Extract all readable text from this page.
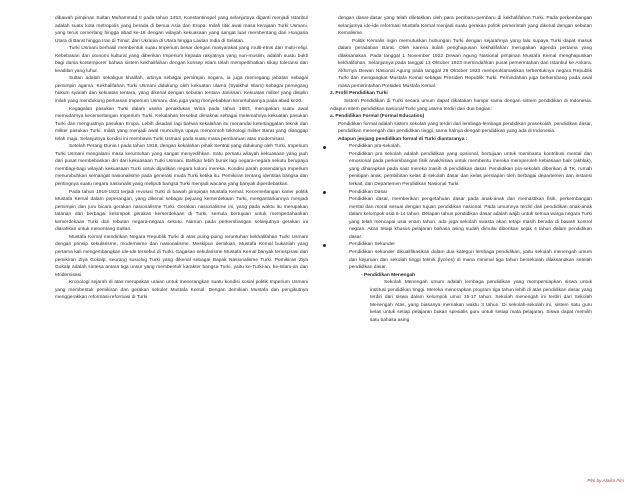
dibawah pimpinan Sultan Muhammad II pada tahun 1453. Konstantinopel yang selanjutnya diganti menjadi Istanbul adalah suatu kota metropolis yang berada di benua Asia dan Eropa. Inilah titik awal masa kerajaan Turki Usmani, yang terus cemerlang hingga abad ke-18 dengan wilayah kekuasaan yang sangat luas membentang dari Hongaria Utara di Barat hingga Iran di Timur; dari Ukrania di Utara hingga Lautan India di Selatan.

Turki Usmani berhasil membentuk suatu Imperium besar dengan masyarakat yang multi-etnis dan multi-religi. Kebebasan dan otonomi kultural yang diberikan Imperium kepada rakyatnya yang non-muslim, adalah suatu bukti bagi dunia kontemporer bahwa sistem kekhalifahan dengan konsep Islam telah memperlihatkan sikap toleransi dan keadilan yang luhur.

Sultan adalah sekaligus khalifah, artinya sebagai pemimpin negara, ia juga memegang jabatan sebagai pemimpin agama. Kekhalifahan Turki Usmani didukung oleh kekuatan ulama (Syaikhul Islam) sebagai pemegang hukum syariah dan kekuatan tentara, yang dikenal dengan sebutan tentara Janissari. Kekuatan militer yang disiplin inilah yang mendukung perluasan Imperium Usmani, dan juga yang menyebabkan keruntuhannya pada abad ke20.

Kegagalan pasukan Turki dalam usaha penaklukan Wina pada tahun 1683, merupakan suatu awal memudarnya kecemerlangan Imperium Turki. Kekalahan tersebut dimaknai sebagai melemahnya kekuatan pasukan Turki dan menguatnya pasukan Eropa. Lebih disadari lagi bahwa kekalahan itu menandai ketertinggalan teknik dan militer pasukan Turki. Inilah yang menjadi awal munculnya upaya mencontoh teknologi militer Barat yang dianggap telah maju. Selanjutnya kondisi ini membawa Turki Usmani pada suatu masa pembaruan atau modernisasi.

Setelah Perang Dunia I pada tahun 1918, dengan kekalahan pihak Sentral yang didukung oleh Turki, Imperium Turki Usmani mengalami masa keruntuhan yang sangat menyedihkan. Satu persatu wilayah kekuasaan yang jauh dari pusat membebaskan diri dari kekuasaan Turki Usmani. Bahkan lebih buruk lagi negara-negara sekutu berupaya membagi-bagi wilayah kekuasaan Turki untuk dijadikan negara koloni mereka. Kondisi parah posendanya Imperium menumbuhkan semangat nasionalisme pada generasi muda Turki ketika itu. Pemikiran tentang identitas bangsa dan pentingnya suatu negara nasionalis yang meliputi bangsa Turki menjadi wacana yang banyak diperdebatkan.

Pada tahun 1919-1923 terjadi revolusi Turki di bawah pimpinan Mustafa Kemal. Kecemerlangan karier politik Mustafa Kemal dalam peperangan, yang dikenal sebagai pejuang kemerdekaan Turki, mengantarkannya menjadi pemimpin dan juru bicara gerakan nasionalisme Turki. Gerakan nasionalisme ini, yang pada waktu itu merupakan tatanan dari berbagai kelompok gerakan kemerdekaan di Turki, semula bertujuan untuk mempertahankan kemerdekaan Turki dari rebutan negara-negara sekutu. Namun pada perkembangan selanjutnya gerakan ini diarahkan untuk menentang Sultan.

Mustafa Kemal mendirikan Negara Republik Turki di atas puing-puing reruntuhan kekhalifahan Turki Usmani dengan prinsip sekularisme, modernisme dan nasionalisme. Meskipun demikian, Mustafa Kemal bukanlah yang pertama kali mengembangkan ide-ide tersebut di Turki. Gagasan sekularisme Mustafa Kemal banyak terinspirasi dari pemikiran Ziya Gokalp, seorang sosiolog Turki yang dikenal sebagai Bapak Nasionalisme Turki. Pemikiran Ziya Gokalp adalah sintesa antara tiga unsur yang membentuk karakter bangsa Turki, yaitu ke-Turki-an, ke-Islam-an dan Modernisasi.

Kronologi sejarah di atas merupakan uraian untuk menerangkan suatu kondisi sosial politik Imperium Usmani yang membentuk pemikiran dan gerakan sekuler Mustafa Kemal. Dengan demikian Mustafa dan pengikutnya menggerakkan reformasi-reformasi di Turki

dengan dasar-dasar yang telah diletakkan oleh para pembaru-pembaru di kekhalifahan Turki. Pada perkembangan selanjutnya ide-ide reformasi Mustafa Kemal menjadi suatu gerakan politik pemerintah yang dikenal dengan sebutan Kemalisme.

Politik Kemalis ingin memutuskan hubungan Turki dengan sejarahnya yang lalu supaya Turki dapat masuk dalam peradaban Barat. Oleh karena itulah penghapusan kekhalifahan merupakan agenda pertama yang dilaksanakan. Pada tanggal 1 November 1922 Dewan Agung Nasional pimpinan Mustafa Kemal menghapuskan kekhalifahan. Selanjutnya pada tanggal 13 Oktober 1923 memindahkan pusat pemerintahan dari Istanbul ke Ankara. Akhirnya Dewan Nasional Agung pada tanggal 29 Oktober 1923 memproklamasikan terbentuknya negara Republik Turki dan mengangkat Mustafa Kemal sebagai Presiden Republik Turki. Pemindahan juga berkembang pada awal masa pemerintahan Presiden Mustafa Kemal.

3. Profil Pendidikan Turki

Sistem Pendidikan di Turki secara umum dapat dikatakan hampir sama dengan sistem pendidikan di Indonesia. Adapun sitem pendidikan nasional Turki yang utama terdiri dari dua bagian:

a. Pendidikan Formal (Formal Education)

Pendidikan formal adalah sistem sekolah yang terdiri dari lembaga-lembaga pendidikan prasekolah, pendidikan dasar, pendidikan menengah dan pendidikan tinggi, sama halnya dengan pendidikan yang ada di Indonesia.

Adapun jenjang pendidikan formal di Turki diantaranya :

Pendidikan pra-sekolah.

Pendidikan pra sekolah adalah pendidikan yang opsional, bertujuan untuk membantu kontribusi mental dan emosional pada perkembangan fisik anak/siswa untuk membentu mereka memperoleh kebiasaan baik (akhlak), yang diharapkan pada saat mereka masih di pendidikan dasar. Pendidikan pra-sekolah diberikan di TK, rumah penitipan anak, pembibitan kelas di sekolah dasar dan kelas persiapan oleh berbagai departemen dan instansi terkait, dan Departemen Pendidikan Nasional Turki.

Pendidikan Dasar

Pendidikan dasar, memberikan pengetahuan dasar pada anak-anak dan memastikan fisik, perkembangan mental dan moral sesuai dengan tujuan pendidikan nasional. Pada umumnya terdiri dari pendidikan anak-anak dalam kelompok usia 6-14 tahun. Delapan tahun pendidikan dasar adalah wajib untuk semua warga negara Turki yang telah mencapai usia enam tahun, ada juga sekolah swasta akan tetapi masih berada di bawah kontrol negara. Akan tetapi khusus pelajaran bahasa asing sudah dimulai diberikan sejak 4 tahun dalam pendidikan dasar.

Pendidikan Sekunder

Pendidikan sekunder dikualifikasikan dalam dua kategori lembaga pendidikan, yaitu sekolah menengah umum dan kejuruan dan sekolah tinggi teknik (lycées) di mana minimal tiga tahun bersekolah dilaksanakan setelah pendidikan dasar.

- Pendidikan Menengah

Sekolah Menengah umum adalah lembaga pendidikan yang mempersiapkan siswa untuk institusi pendidikan tinggi. Mereka menerapkan program tiga tahun lebih di atas pendidikan dasar yang terdiri dari siswa dalam kelompok umur 15-17 tahun. Sekolah menengah ini terdiri dari Sekolah Menengah Atas, yang biasanya memakan waktu 3 tahun. Di sekolah-sekolah ini, sistem satu guru kelas untuk setiap pelajaran bukan spesialis guru untuk setiap mata pelajaran. Siswa dapat memilih satu bahasa asing

Plm by Alaika Fim
